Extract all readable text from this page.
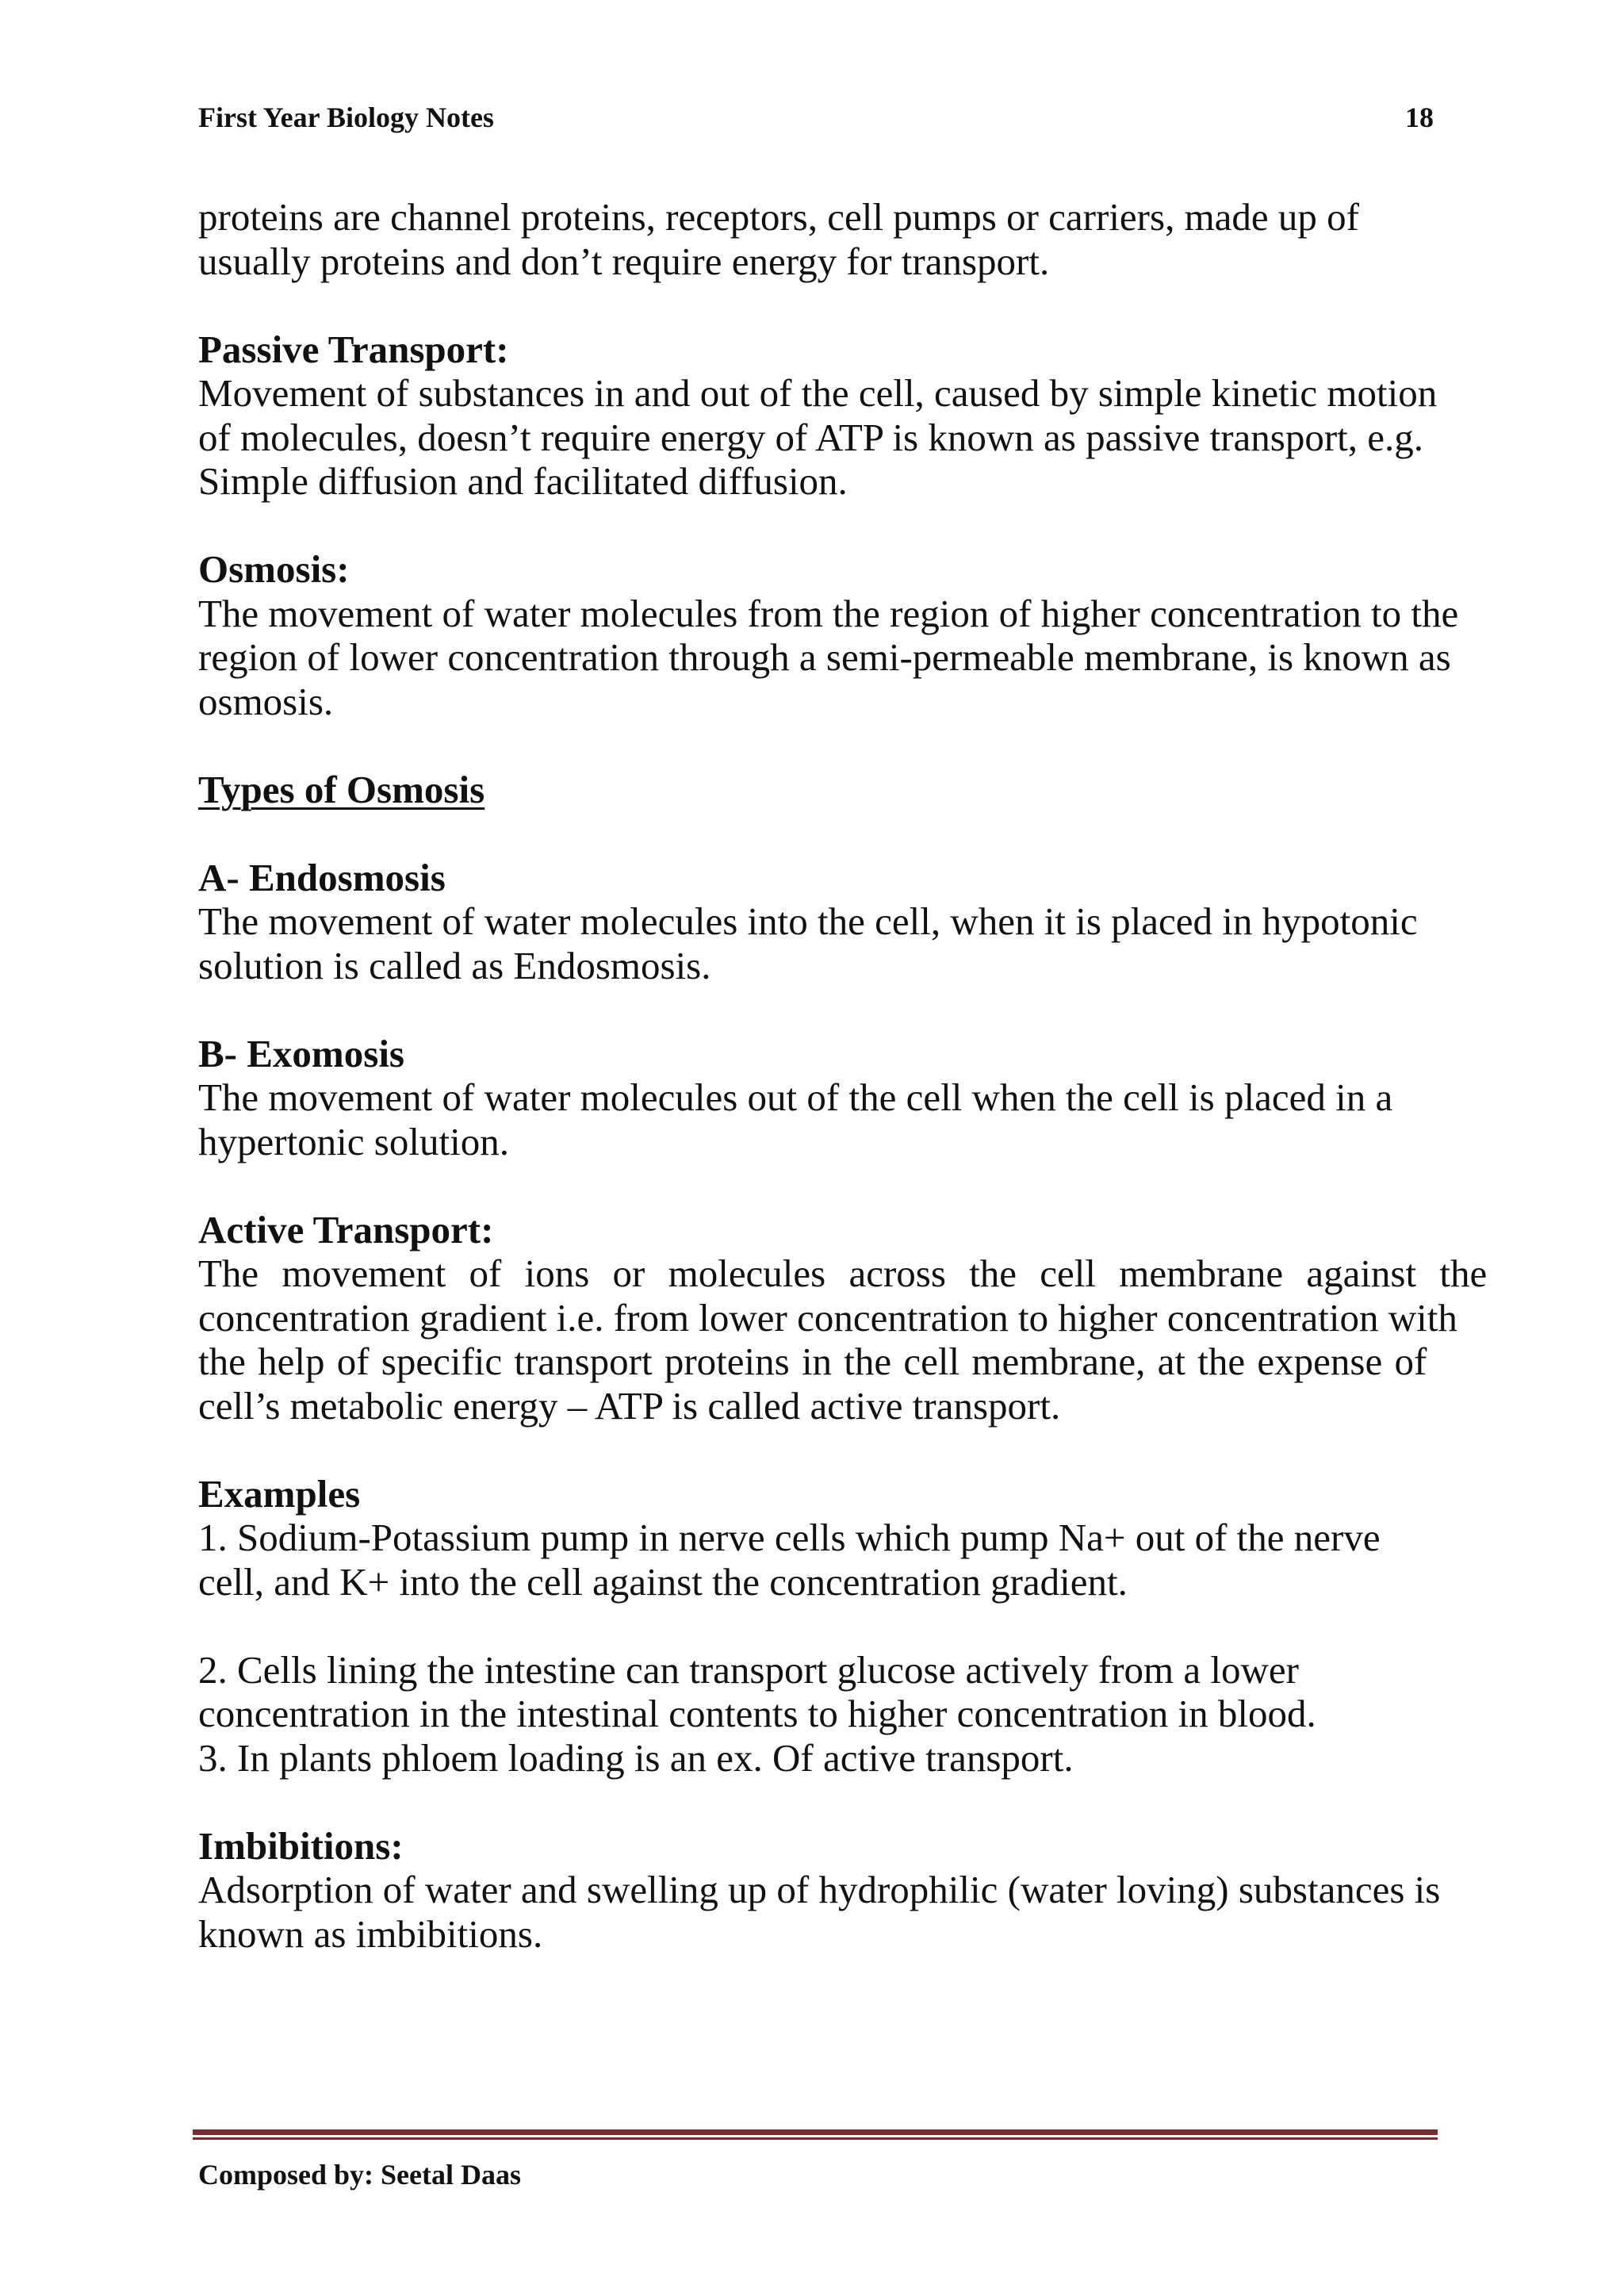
First Year Biology Notes	18

proteins are channel proteins, receptors, cell pumps or carriers, made up of
usually proteins and don’t require energy for transport.

Passive Transport:
Movement of substances in and out of the cell, caused by simple kinetic motion
of molecules, doesn’t require energy of ATP is known as passive transport, e.g.
Simple diffusion and facilitated diffusion.

Osmosis:
The movement of water molecules from the region of higher concentration to the
region of lower concentration through a semi-permeable membrane, is known as
osmosis.

Types of Osmosis

A- Endosmosis
The movement of water molecules into the cell, when it is placed in hypotonic
solution is called as Endosmosis.

B- Exomosis
The movement of water molecules out of the cell when the cell is placed in a
hypertonic solution.

Active Transport:
The movement of ions or molecules across the cell membrane against the
concentration gradient i.e. from lower concentration to higher concentration with
the help of specific transport proteins in the cell membrane, at the expense of
cell’s metabolic energy – ATP is called active transport.

Examples
1. Sodium-Potassium pump in nerve cells which pump Na+ out of the nerve
cell, and K+ into the cell against the concentration gradient.

2. Cells lining the intestine can transport glucose actively from a lower
concentration in the intestinal contents to higher concentration in blood.
3. In plants phloem loading is an ex. Of active transport.

Imbibitions:
Adsorption of water and swelling up of hydrophilic (water loving) substances is
known as imbibitions.

Composed by: Seetal Daas
